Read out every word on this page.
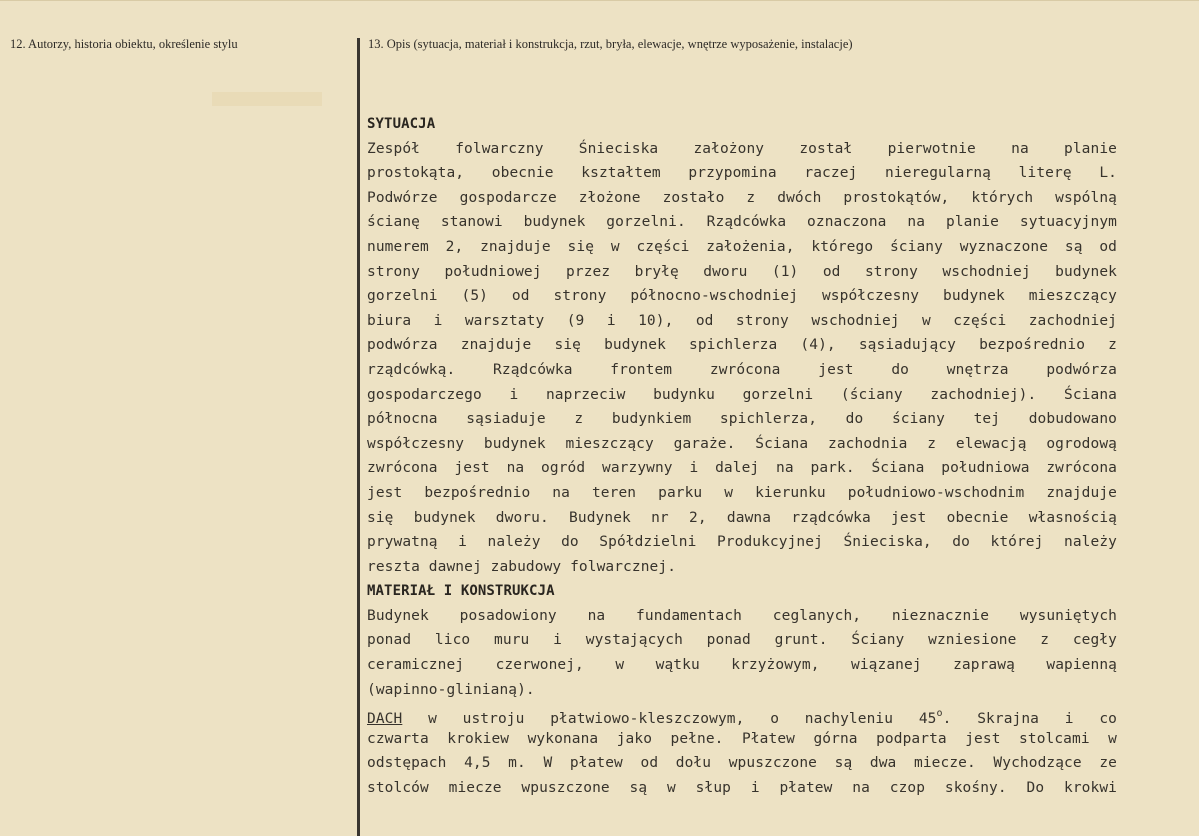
12. Autorzy, historia obiektu, określenie stylu	13. Opis (sytuacja, materiał i konstrukcja, rzut, bryła, elewacje, wnętrze wyposażenie, instalacje)
SYTUACJA
Zespół folwarczny Śnieciska założony został pierwotnie na planie
prostokąta, obecnie kształtem przypomina raczej nieregularną literę L.
Podwórze gospodarcze złożone zostało z dwóch prostokątów, których wspólną
ścianę stanowi budynek gorzelni. Rządcówka oznaczona na planie sytuacyjnym
numerem 2, znajduje się w części założenia, którego ściany wyznaczone są od
strony południowej przez bryłę dworu (1) od strony wschodniej budynek
gorzelni (5) od strony północno-wschodniej współczesny budynek mieszczący
biura i warsztaty (9 i 10), od strony wschodniej w części zachodniej
podwórza znajduje się budynek spichlerza (4), sąsiadujący bezpośrednio z
rządcówką. Rządcówka frontem zwrócona jest do wnętrza podwórza
gospodarczego i naprzeciw budynku gorzelni (ściany zachodniej). Ściana
północna sąsiaduje z budynkiem spichlerza, do ściany tej dobudowano
współczesny budynek mieszczący garaże. Ściana zachodnia z elewacją ogrodową
zwrócona jest na ogród warzywny i dalej na park. Ściana południowa zwrócona
jest bezpośrednio na teren parku w kierunku południowo-wschodnim znajduje
się budynek dworu. Budynek nr 2, dawna rządcówka jest obecnie własnością
prywatną i należy do Spółdzielni Produkcyjnej Śnieciska, do której należy
reszta dawnej zabudowy folwarcznej.
MATERIAŁ I KONSTRUKCJA
Budynek posadowiony na fundamentach ceglanych, nieznacznie wysuniętych
ponad lico muru i wystających ponad grunt. Ściany wzniesione z cegły
ceramicznej czerwonej, w wątku krzyżowym, wiązanej zaprawą wapienną
(wapinno-glinianą).
DACH w ustroju płatwiowo-kleszczowym, o nachyleniu 45$^o$. Skrajna i co
czwarta krokiew wykonana jako pełne. Płatew górna podparta jest stolcami w
odstępach 4,5 m. W płatew od dołu wpuszczone są dwa miecze. Wychodzące ze
stolców miecze wpuszczone są w słup i płatew na czop skośny. Do krokwi
